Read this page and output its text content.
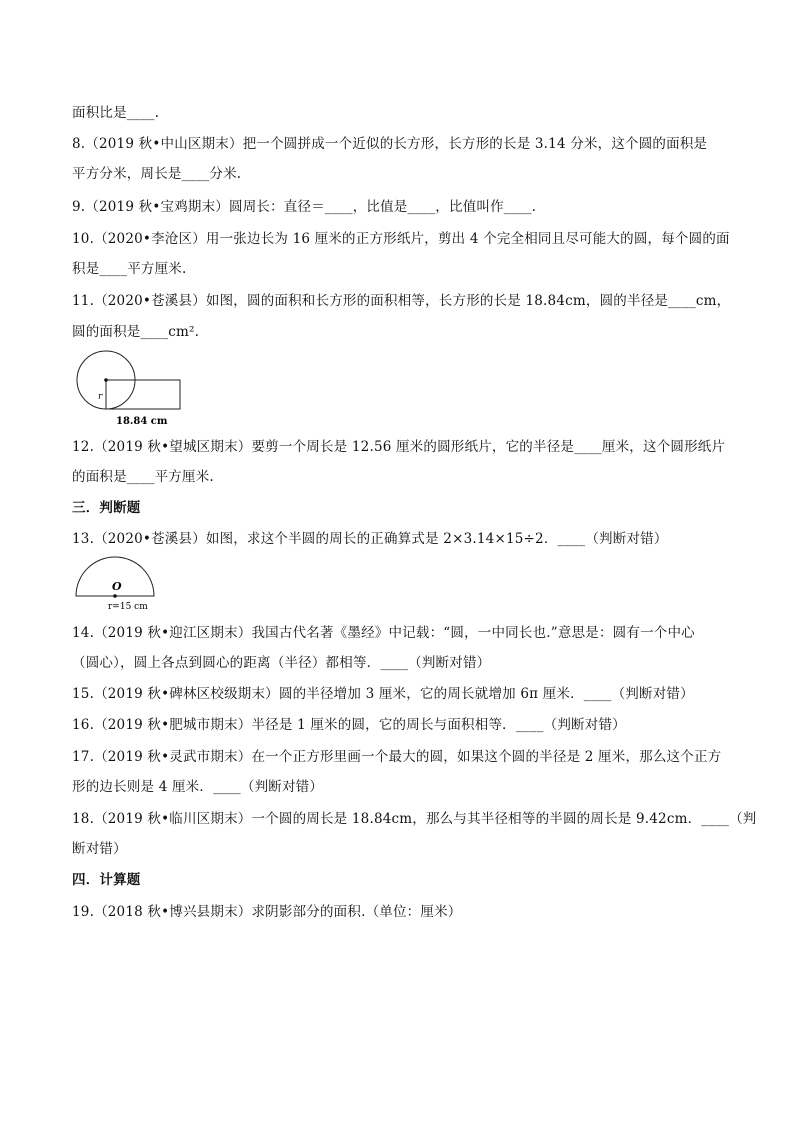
面积比是____.
8.（2019 秋•中山区期末）把一个圆拼成一个近似的长方形，长方形的长是 3.14 分米，这个圆的面积是
平方分米，周长是____分米.
9.（2019 秋•宝鸡期末）圆周长：直径＝____，比值是____，比值叫作____.
10.（2020•李沧区）用一张边长为 16 厘米的正方形纸片，剪出 4 个完全相同且尽可能大的圆，每个圆的面
积是____平方厘米.
11.（2020•苍溪县）如图，圆的面积和长方形的面积相等，长方形的长是 18.84cm，圆的半径是____cm，
圆的面积是____cm².
r
18.84 cm
12.（2019 秋•望城区期末）要剪一个周长是 12.56 厘米的圆形纸片，它的半径是____厘米，这个圆形纸片
的面积是____平方厘米.
三．判断题
13.（2020•苍溪县）如图，求这个半圆的周长的正确算式是 2×3.14×15÷2．____（判断对错）
O
r=15 cm
14.（2019 秋•迎江区期末）我国古代名著《墨经》中记载：“圆，一中同长也.”意思是：圆有一个中心
（圆心），圆上各点到圆心的距离（半径）都相等．____（判断对错）
15.（2019 秋•碑林区校级期末）圆的半径增加 3 厘米，它的周长就增加 6π 厘米．____（判断对错）
16.（2019 秋•肥城市期末）半径是 1 厘米的圆，它的周长与面积相等．____（判断对错）
17.（2019 秋•灵武市期末）在一个正方形里画一个最大的圆，如果这个圆的半径是 2 厘米，那么这个正方
形的边长则是 4 厘米．____（判断对错）
18.（2019 秋•临川区期末）一个圆的周长是 18.84cm，那么与其半径相等的半圆的周长是 9.42cm．____（判
断对错）
四．计算题
19.（2018 秋•博兴县期末）求阴影部分的面积.（单位：厘米）
